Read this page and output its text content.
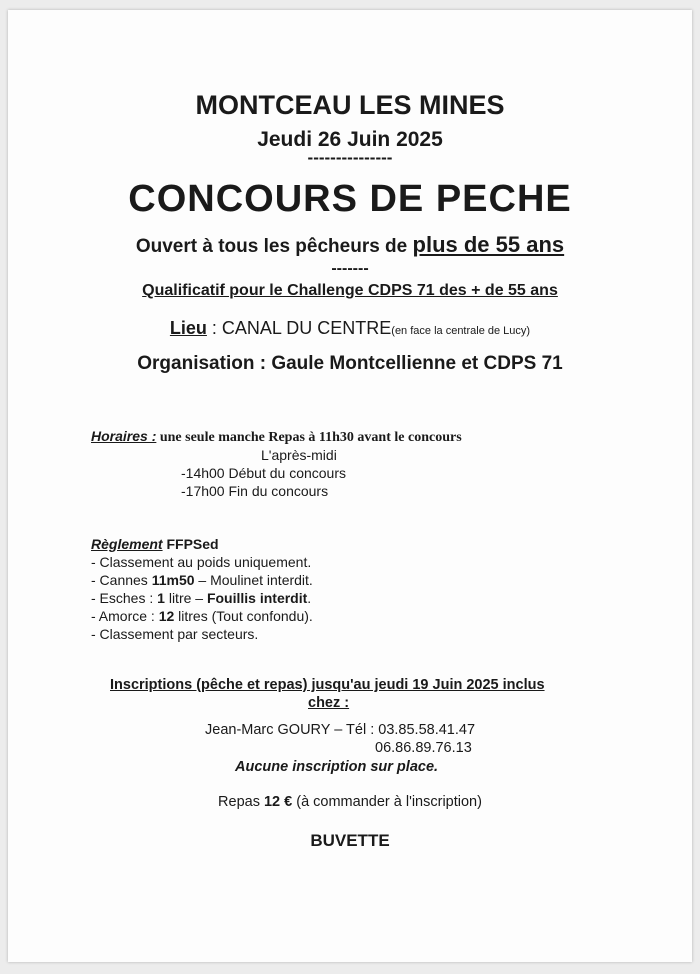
MONTCEAU LES MINES
Jeudi 26 Juin 2025
---------------
CONCOURS DE PECHE
Ouvert à tous les pêcheurs de plus de 55 ans
-------
Qualificatif pour le Challenge CDPS 71 des + de 55 ans
Lieu : CANAL DU CENTRE(en face la centrale de Lucy)
Organisation : Gaule Montcellienne et CDPS 71
Horaires : une seule manche Repas à 11h30 avant le concours
L'après-midi
-14h00 Début du concours
-17h00 Fin du concours
Règlement FFPSed
- Classement au poids uniquement.
- Cannes 11m50 – Moulinet interdit.
- Esches : 1 litre – Fouillis interdit.
- Amorce : 12 litres (Tout confondu).
- Classement par secteurs.
Inscriptions (pêche et repas) jusqu'au jeudi 19 Juin 2025 inclus
chez :
Jean-Marc GOURY – Tél : 03.85.58.41.47
06.86.89.76.13
Aucune inscription sur place.
Repas 12 € (à commander à l'inscription)
BUVETTE
